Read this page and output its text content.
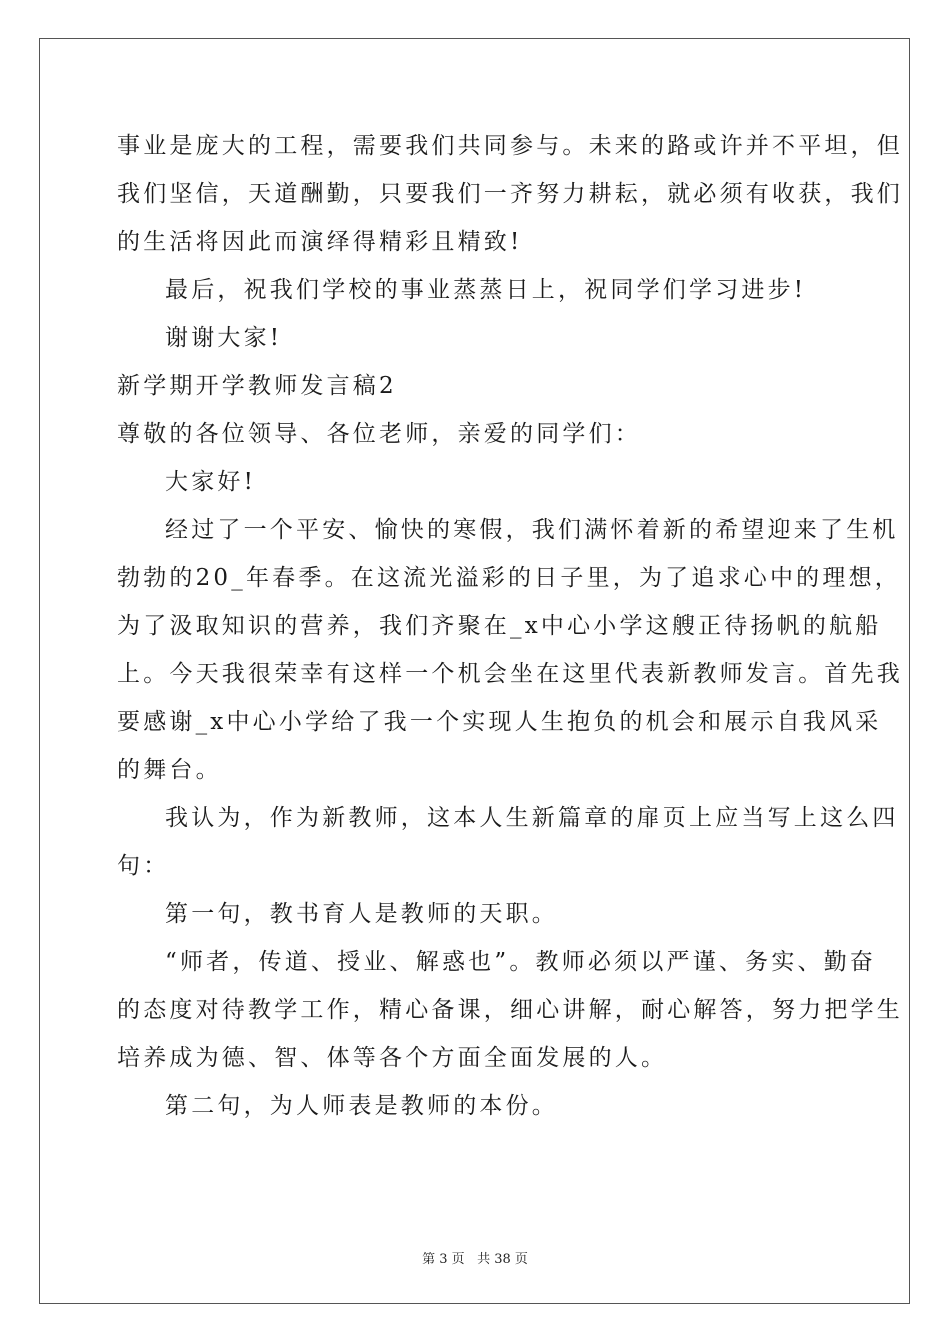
事业是庞大的工程，需要我们共同参与。未来的路或许并不平坦，但
我们坚信，天道酬勤，只要我们一齐努力耕耘，就必须有收获，我们
的生活将因此而演绎得精彩且精致!
最后，祝我们学校的事业蒸蒸日上，祝同学们学习进步!
谢谢大家!
新学期开学教师发言稿2
尊敬的各位领导、各位老师，亲爱的同学们：
大家好!
经过了一个平安、愉快的寒假，我们满怀着新的希望迎来了生机
勃勃的20_年春季。在这流光溢彩的日子里，为了追求心中的理想，
为了汲取知识的营养，我们齐聚在_x中心小学这艘正待扬帆的航船
上。今天我很荣幸有这样一个机会坐在这里代表新教师发言。首先我
要感谢_x中心小学给了我一个实现人生抱负的机会和展示自我风采
的舞台。
我认为，作为新教师，这本人生新篇章的扉页上应当写上这么四
句：
第一句，教书育人是教师的天职。
“师者，传道、授业、解惑也”。教师必须以严谨、务实、勤奋
的态度对待教学工作，精心备课，细心讲解，耐心解答，努力把学生
培养成为德、智、体等各个方面全面发展的人。
第二句，为人师表是教师的本份。
第 3 页 共 38 页
